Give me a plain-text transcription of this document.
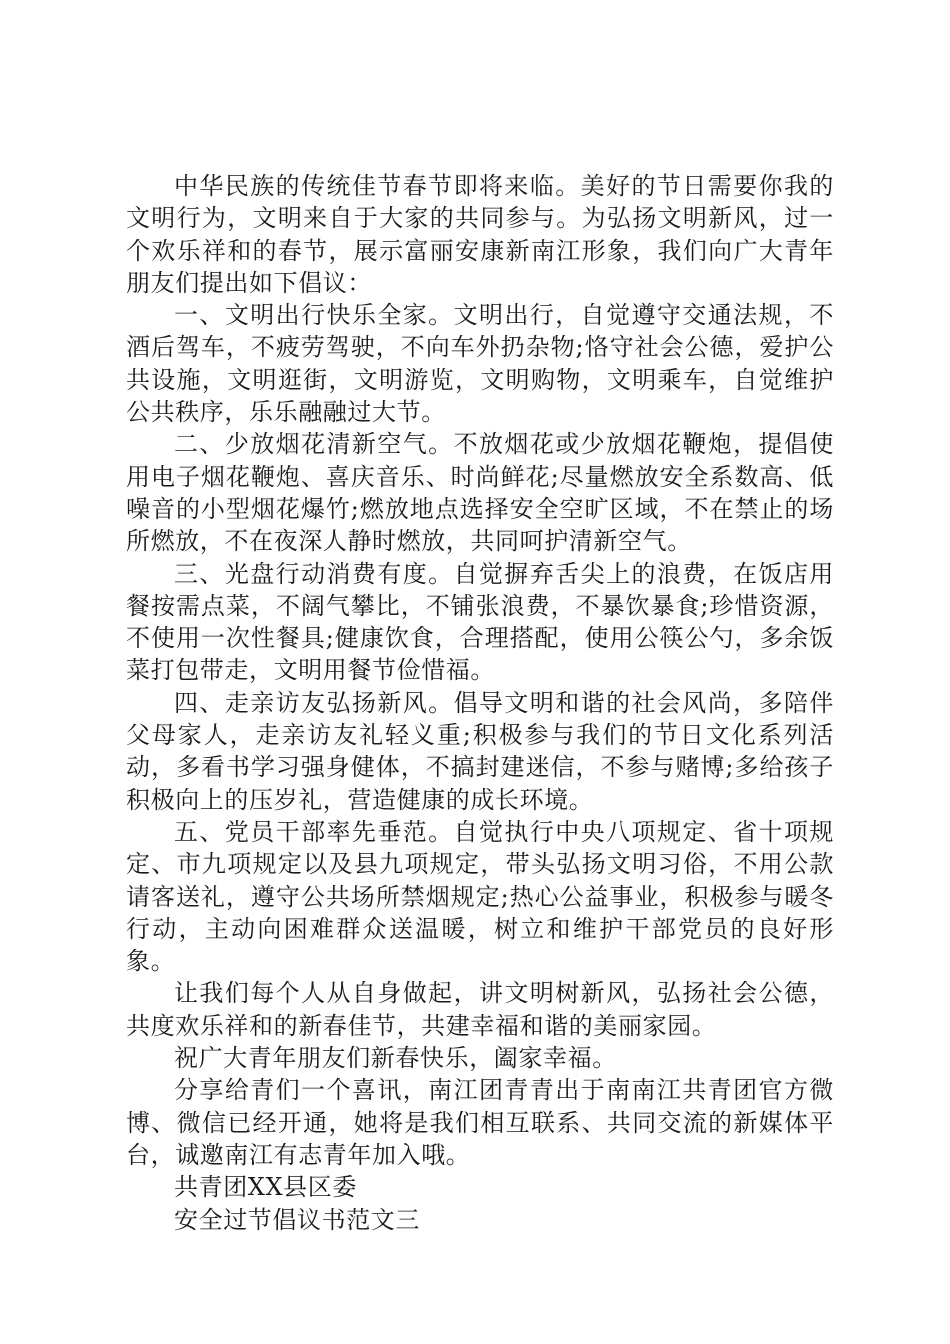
中华民族的传统佳节春节即将来临。美好的节日需要你我的文明行为，文明来自于大家的共同参与。为弘扬文明新风，过一个欢乐祥和的春节，展示富丽安康新南江形象，我们向广大青年朋友们提出如下倡议：

一、文明出行快乐全家。文明出行，自觉遵守交通法规，不酒后驾车，不疲劳驾驶，不向车外扔杂物;恪守社会公德，爱护公共设施，文明逛街，文明游览，文明购物，文明乘车，自觉维护公共秩序，乐乐融融过大节。

二、少放烟花清新空气。不放烟花或少放烟花鞭炮，提倡使用电子烟花鞭炮、喜庆音乐、时尚鲜花;尽量燃放安全系数高、低噪音的小型烟花爆竹;燃放地点选择安全空旷区域，不在禁止的场所燃放，不在夜深人静时燃放，共同呵护清新空气。

三、光盘行动消费有度。自觉摒弃舌尖上的浪费，在饭店用餐按需点菜，不阔气攀比，不铺张浪费，不暴饮暴食;珍惜资源，不使用一次性餐具;健康饮食，合理搭配，使用公筷公勺，多余饭菜打包带走，文明用餐节俭惜福。

四、走亲访友弘扬新风。倡导文明和谐的社会风尚，多陪伴父母家人，走亲访友礼轻义重;积极参与我们的节日文化系列活动，多看书学习强身健体，不搞封建迷信，不参与赌博;多给孩子积极向上的压岁礼，营造健康的成长环境。

五、党员干部率先垂范。自觉执行中央八项规定、省十项规定、市九项规定以及县九项规定，带头弘扬文明习俗，不用公款请客送礼，遵守公共场所禁烟规定;热心公益事业，积极参与暖冬行动，主动向困难群众送温暖，树立和维护干部党员的良好形象。

让我们每个人从自身做起，讲文明树新风，弘扬社会公德，共度欢乐祥和的新春佳节，共建幸福和谐的美丽家园。

祝广大青年朋友们新春快乐，阖家幸福。

分享给青们一个喜讯，南江团青青出于南南江共青团官方微博、微信已经开通，她将是我们相互联系、共同交流的新媒体平台，诚邀南江有志青年加入哦。

共青团XX县区委

安全过节倡议书范文三
